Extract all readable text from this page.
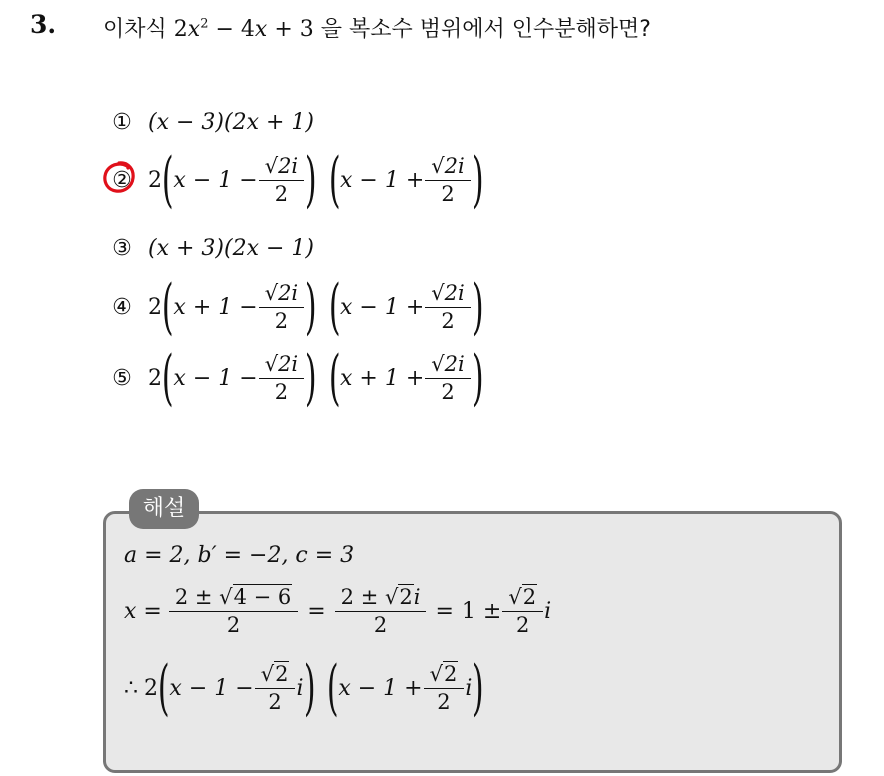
3. 이차식 $2x^2 - 4x + 3$ 을 복소수 범위에서 인수분해하면?
① (x − 3)(2x + 1)
② 2 ( $x - 1 - \frac{√2i}{2}$ ) ( $x - 1 + \frac{√2i}{2}$ )
③ (x + 3)(2x − 1)
④ 2 ( $x + 1 - \frac{√2i}{2}$ ) ( $x - 1 + \frac{√2i}{2}$ )
⑤ 2 ( $x - 1 - \frac{√2i}{2}$ ) ( $x + 1 + \frac{√2i}{2}$ )
해설
a = 2, b′ = −2, c = 3
$x = \frac{2 \pm √4 - 6}{2} = \frac{2 \pm √2i}{2} = 1 \pm \frac{√2}{2}$ i
∴ 2 ( $x - 1 - \frac{√2}{2}$ i ) ( $x - 1 + \frac{√2}{2}$ i )
